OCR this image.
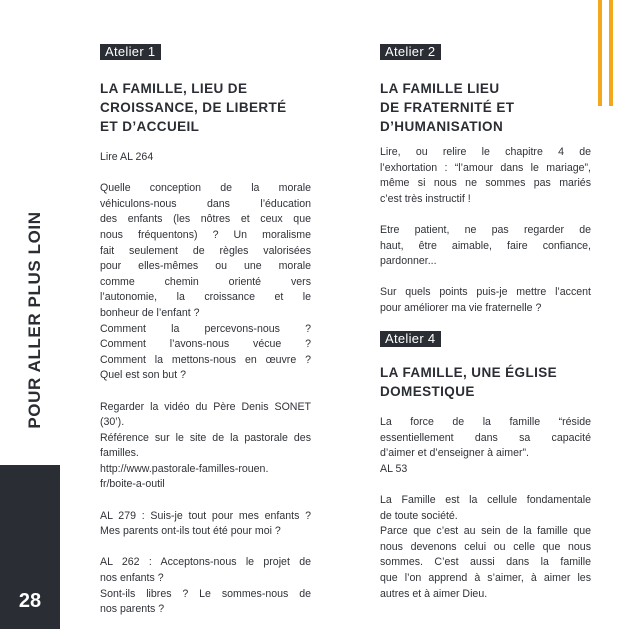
POUR ALLER PLUS LOIN
28
Atelier 1
LA FAMILLE, LIEU DE
CROISSANCE, DE LIBERTÉ
ET D’ACCUEIL

Lire AL 264

Quelle conception de la morale

véhiculons-nous dans l’éducation

des enfants (les nôtres et ceux que

nous fréquentons) ? Un moralisme

fait seulement de règles valorisées

pour elles-mêmes ou une morale

comme chemin orienté vers

l’autonomie, la croissance et le

bonheur de l’enfant ?

Comment la percevons-nous ?

Comment l’avons-nous vécue ?

Comment la mettons-nous en œuvre ?

Quel est son but ?

Regarder la vidéo du Père Denis SONET

(30’).

Référence sur le site de la pastorale des

familles.

http://www.pastorale-familles-rouen.

fr/boite-a-outil

AL 279 : Suis-je tout pour mes enfants ?

Mes parents ont-ils tout été pour moi ?

AL 262 : Acceptons-nous le projet de

nos enfants ?

Sont-ils libres ? Le sommes-nous de

nos parents ?

Atelier 2
LA FAMILLE LIEU
DE FRATERNITÉ ET
D’HUMANISATION

Lire, ou relire le chapitre 4 de

l’exhortation : “l’amour dans le mariage”,

même si nous ne sommes pas mariés

c’est très instructif !

Etre patient, ne pas regarder de

haut, être aimable, faire confiance,

pardonner...

Sur quels points puis-je mettre l’accent

pour améliorer ma vie fraternelle ?

Atelier 4
LA FAMILLE, UNE ÉGLISE
DOMESTIQUE

La force de la famille “réside

essentiellement dans sa capacité

d’aimer et d’enseigner à aimer”.

AL 53

La Famille est la cellule fondamentale

de toute société.

Parce que c’est au sein de la famille que

nous devenons celui ou celle que nous

sommes. C’est aussi dans la famille

que l’on apprend à s’aimer, à aimer les

autres et à aimer Dieu.
